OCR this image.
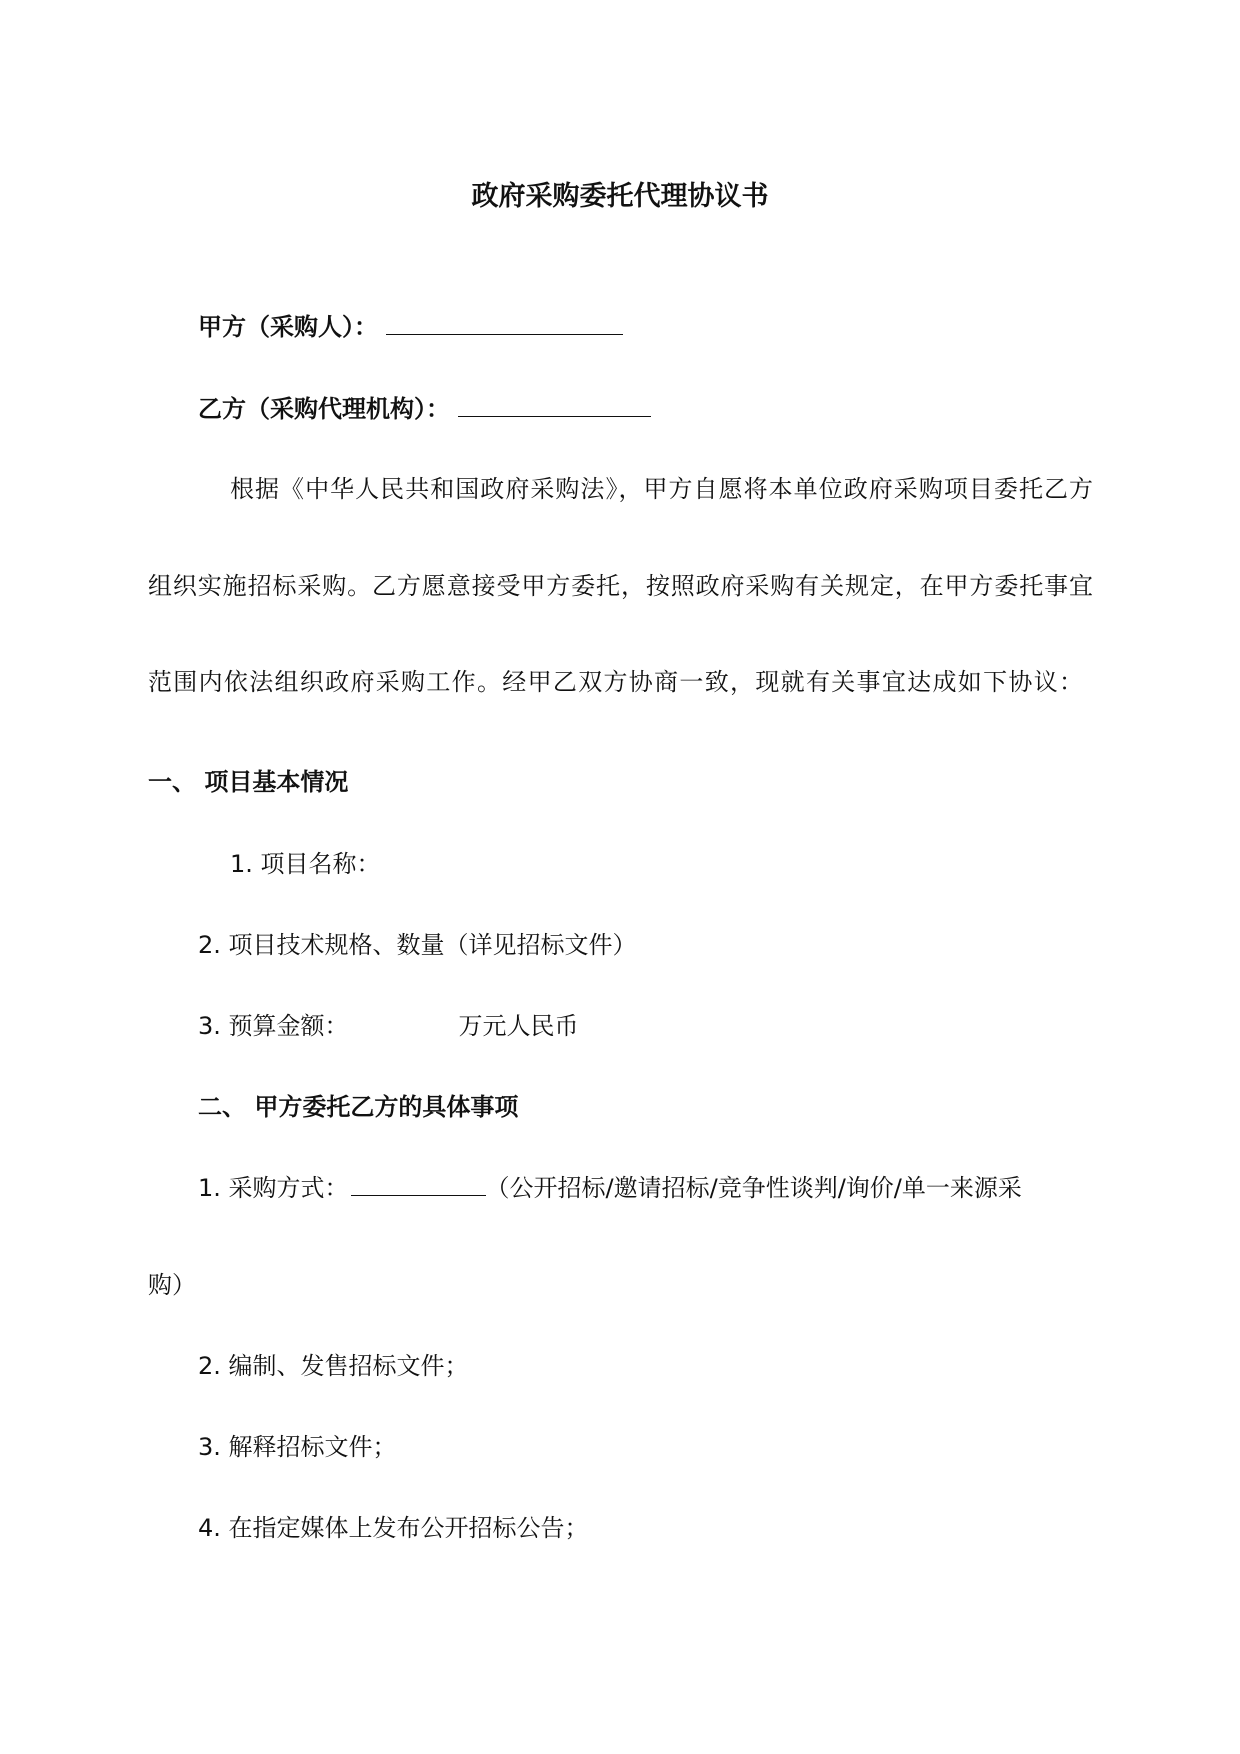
政府采购委托代理协议书
甲方（采购人）：
乙方（采购代理机构）：
根据《中华人民共和国政府采购法》，甲方自愿将本单位政府采购项目委托乙方
组织实施招标采购。乙方愿意接受甲方委托，按照政府采购有关规定，在甲方委托事宜
范围内依法组织政府采购工作。经甲乙双方协商一致，现就有关事宜达成如下协议：
一、 项目基本情况
1. 项目名称：
2. 项目技术规格、数量（详见招标文件）
3. 预算金额：	万元人民币
二、 甲方委托乙方的具体事项
1. 采购方式：	（公开招标/邀请招标/竞争性谈判/询价/单一来源采
购）
2. 编制、发售招标文件；
3. 解释招标文件；
4. 在指定媒体上发布公开招标公告；
